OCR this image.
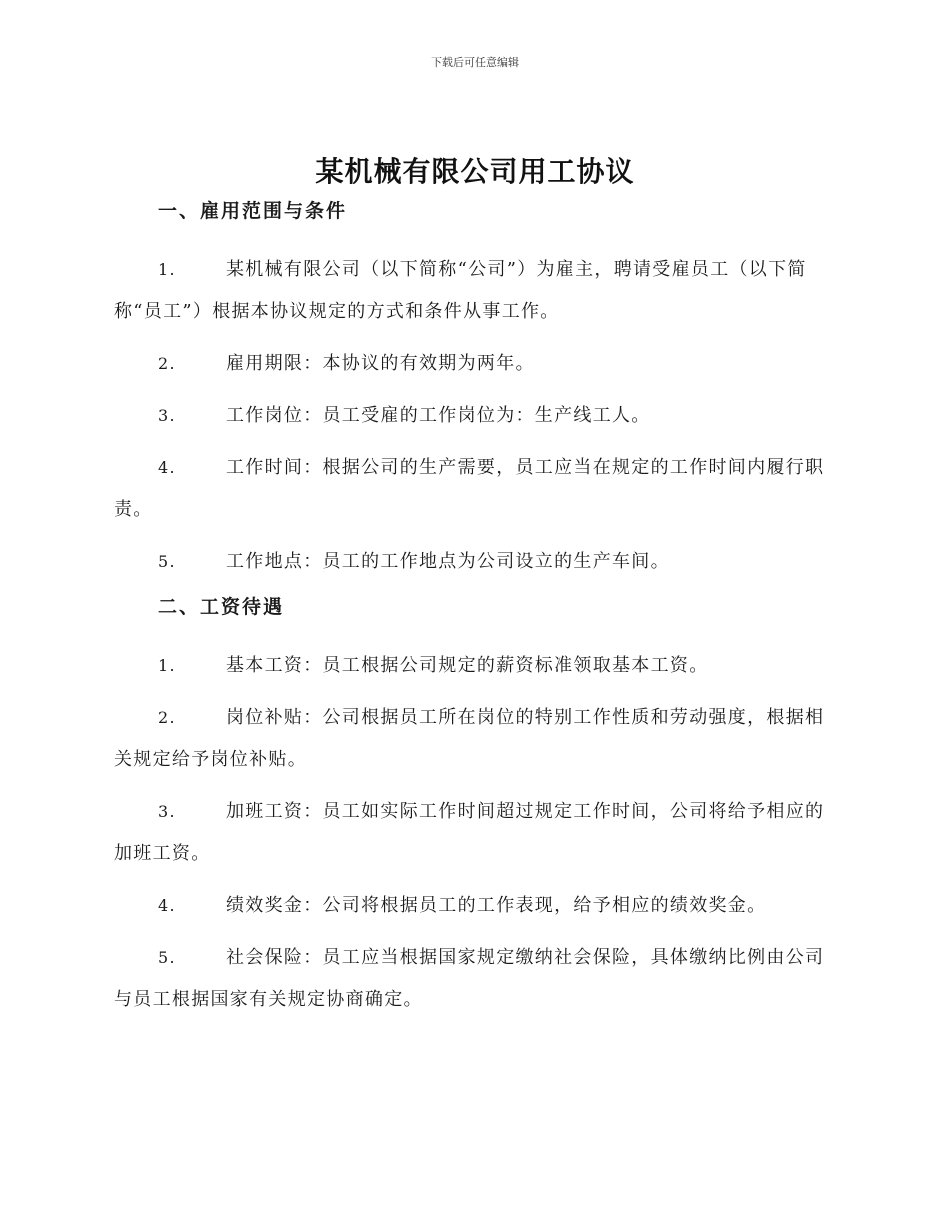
下载后可任意编辑
某机械有限公司用工协议
一、雇用范围与条件

1.	某机械有限公司（以下简称“公司”）为雇主，聘请受雇员工（以下简称“员工”）根据本协议规定的方式和条件从事工作。

2.	雇用期限：本协议的有效期为两年。

3.	工作岗位：员工受雇的工作岗位为：生产线工人。

4.	工作时间：根据公司的生产需要，员工应当在规定的工作时间内履行职责。

5.	工作地点：员工的工作地点为公司设立的生产车间。

二、工资待遇

1.	基本工资：员工根据公司规定的薪资标准领取基本工资。

2.	岗位补贴：公司根据员工所在岗位的特别工作性质和劳动强度，根据相关规定给予岗位补贴。

3.	加班工资：员工如实际工作时间超过规定工作时间，公司将给予相应的加班工资。

4.	绩效奖金：公司将根据员工的工作表现，给予相应的绩效奖金。

5.	社会保险：员工应当根据国家规定缴纳社会保险，具体缴纳比例由公司与员工根据国家有关规定协商确定。
